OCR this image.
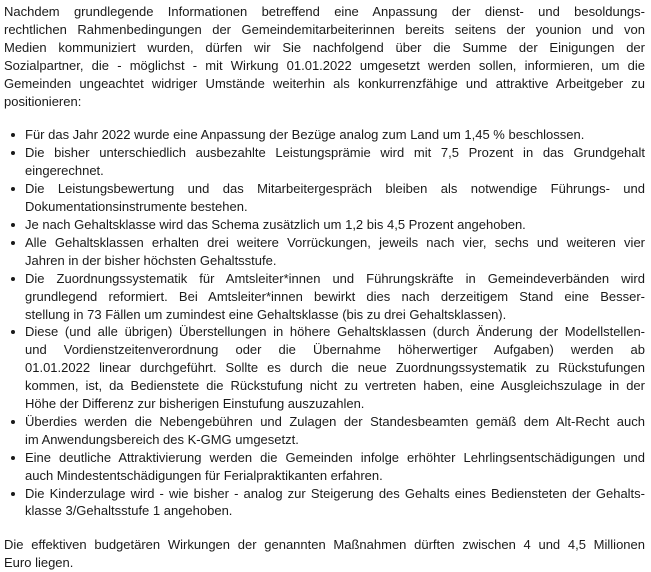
Nachdem grundlegende Informationen betreffend eine Anpassung der dienst- und besoldungs-
rechtlichen Rahmenbedingungen der Gemeindemitarbeiterinnen bereits seitens der younion und von
Medien kommuniziert wurden, dürfen wir Sie nachfolgend über die Summe der Einigungen der
Sozialpartner, die - möglichst - mit Wirkung 01.01.2022 umgesetzt werden sollen, informieren, um die
Gemeinden ungeachtet widriger Umstände weiterhin als konkurrenzfähige und attraktive Arbeitgeber zu
positionieren:
Für das Jahr 2022 wurde eine Anpassung der Bezüge analog zum Land um 1,45 % beschlossen.
Die bisher unterschiedlich ausbezahlte Leistungsprämie wird mit 7,5 Prozent in das Grundgehalt
eingerechnet.
Die Leistungsbewertung und das Mitarbeitergespräch bleiben als notwendige Führungs- und
Dokumentationsinstrumente bestehen.
Je nach Gehaltsklasse wird das Schema zusätzlich um 1,2 bis 4,5 Prozent angehoben.
Alle Gehaltsklassen erhalten drei weitere Vorrückungen, jeweils nach vier, sechs und weiteren vier
Jahren in der bisher höchsten Gehaltsstufe.
Die Zuordnungssystematik für Amtsleiter*innen und Führungskräfte in Gemeindeverbänden wird
grundlegend reformiert. Bei Amtsleiter*innen bewirkt dies nach derzeitigem Stand eine Besser-
stellung in 73 Fällen um zumindest eine Gehaltsklasse (bis zu drei Gehaltsklassen).
Diese (und alle übrigen) Überstellungen in höhere Gehaltsklassen (durch Änderung der Modellstellen-
und Vordienstzeitenverordnung oder die Übernahme höherwertiger Aufgaben) werden ab
01.01.2022 linear durchgeführt. Sollte es durch die neue Zuordnungssystematik zu Rückstufungen
kommen, ist, da Bedienstete die Rückstufung nicht zu vertreten haben, eine Ausgleichszulage in der
Höhe der Differenz zur bisherigen Einstufung auszuzahlen.
Überdies werden die Nebengebühren und Zulagen der Standesbeamten gemäß dem Alt-Recht auch
im Anwendungsbereich des K-GMG umgesetzt.
Eine deutliche Attraktivierung werden die Gemeinden infolge erhöhter Lehrlingsentschädigungen und
auch Mindestentschädigungen für Ferialpraktikanten erfahren.
Die Kinderzulage wird - wie bisher - analog zur Steigerung des Gehalts eines Bediensteten der Gehalts-
klasse 3/Gehaltsstufe 1 angehoben.
Die effektiven budgetären Wirkungen der genannten Maßnahmen dürften zwischen 4 und 4,5 Millionen
Euro liegen.
